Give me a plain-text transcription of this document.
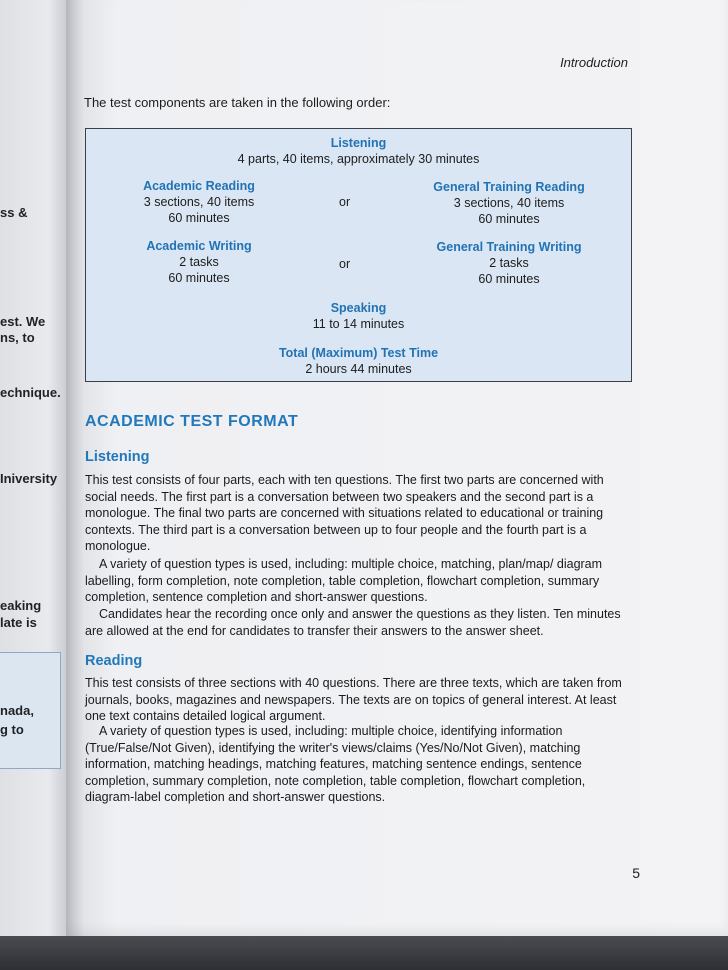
ss &
est. We
ns, to
echnique.
Iniversity
eaking
late is
nada,
g to
Introduction
The test components are taken in the following order:
Listening
4 parts, 40 items, approximately 30 minutes
Academic Reading
3 sections, 40 items
60 minutes
or
General Training Reading
3 sections, 40 items
60 minutes
Academic Writing
2 tasks
60 minutes
or
General Training Writing
2 tasks
60 minutes
Speaking
11 to 14 minutes
Total (Maximum) Test Time
2 hours 44 minutes
ACADEMIC TEST FORMAT
Listening

This test consists of four parts, each with ten questions. The first two parts are concerned with social needs. The first part is a conversation between two speakers and the second part is a monologue. The final two parts are concerned with situations related to educational or training contexts. The third part is a conversation between up to four people and the fourth part is a monologue.

A variety of question types is used, including: multiple choice, matching, plan/map/ diagram labelling, form completion, note completion, table completion, flowchart completion, summary completion, sentence completion and short-answer questions.

Candidates hear the recording once only and answer the questions as they listen. Ten minutes are allowed at the end for candidates to transfer their answers to the answer sheet.

Reading

This test consists of three sections with 40 questions. There are three texts, which are taken from journals, books, magazines and newspapers. The texts are on topics of general interest. At least one text contains detailed logical argument.

A variety of question types is used, including: multiple choice, identifying information (True/False/Not Given), identifying the writer's views/claims (Yes/No/Not Given), matching information, matching headings, matching features, matching sentence endings, sentence completion, summary completion, note completion, table completion, flowchart completion, diagram-label completion and short-answer questions.

5
